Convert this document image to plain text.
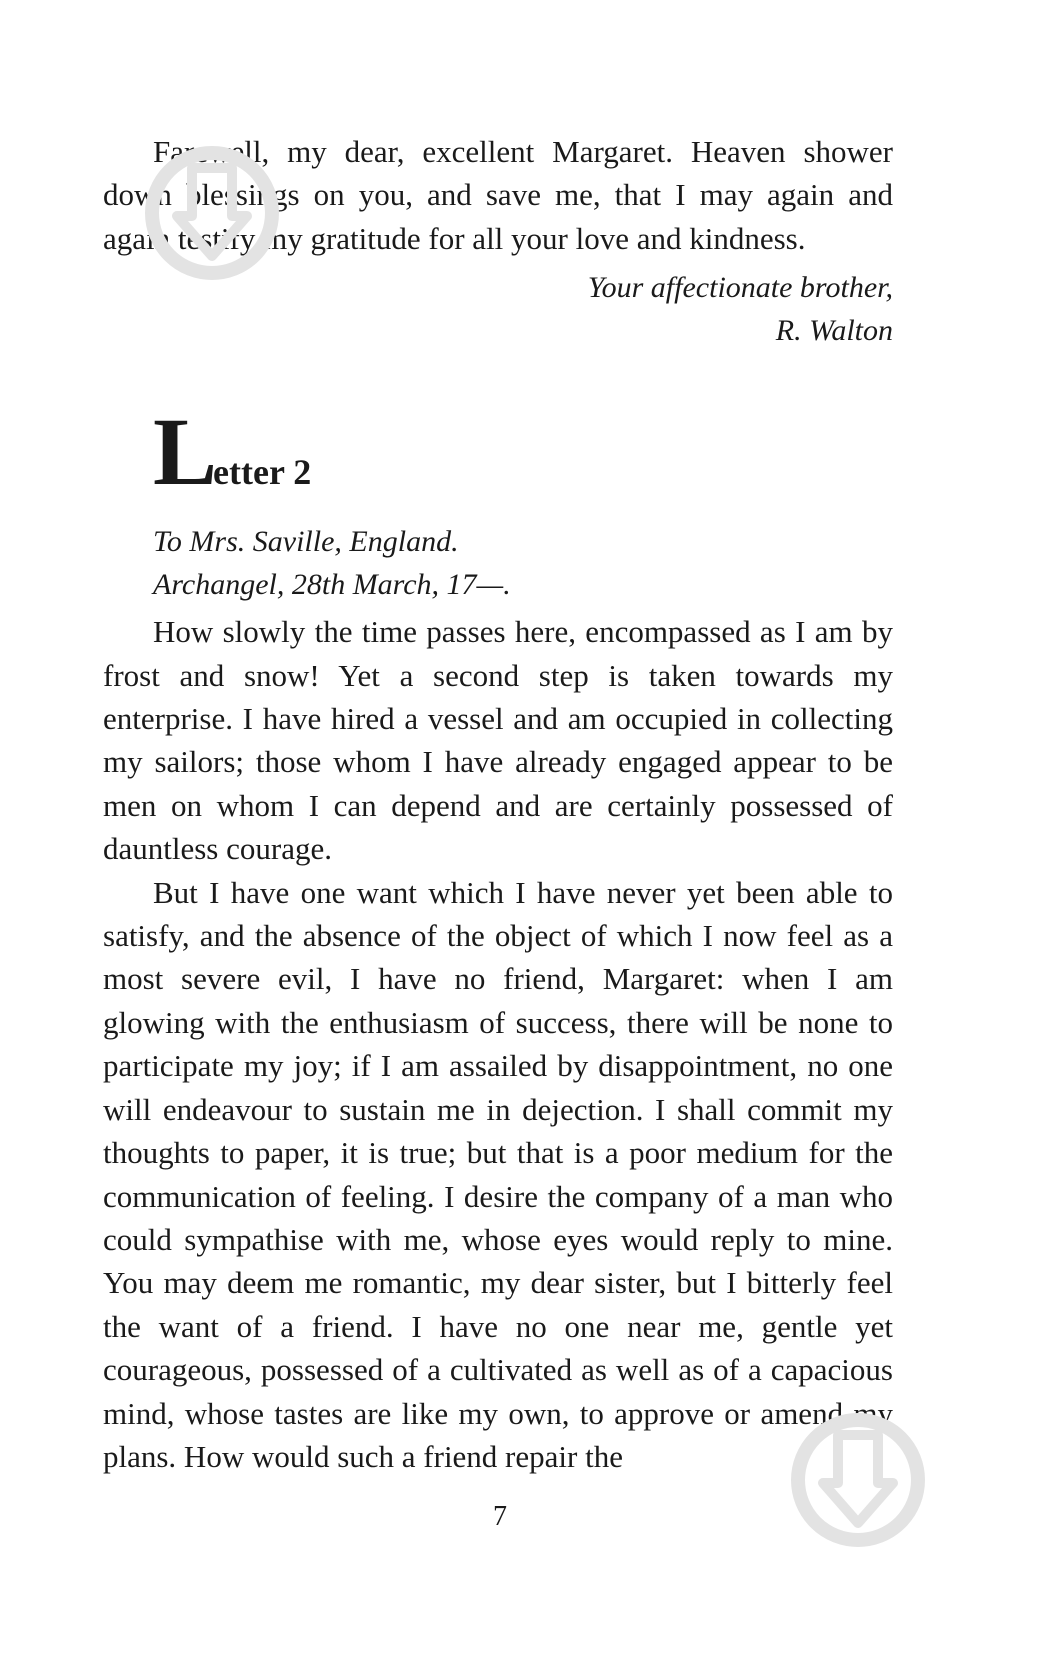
Farewell, my dear, excellent Margaret. Heaven shower down blessings on you, and save me, that I may again and again testify my gratitude for all your love and kindness.

Your affectionate brother,
R. Walton
L etter 2
To Mrs. Saville, England.
Archangel, 28th March, 17—.

How slowly the time passes here, encompassed as I am by frost and snow! Yet a second step is taken towards my enterprise. I have hired a vessel and am occupied in collecting my sailors; those whom I have already engaged appear to be men on whom I can depend and are certainly possessed of dauntless courage.

But I have one want which I have never yet been able to satisfy, and the absence of the object of which I now feel as a most severe evil, I have no friend, Margaret: when I am glowing with the enthusiasm of success, there will be none to participate my joy; if I am assailed by disappointment, no one will endeavour to sustain me in dejection. I shall commit my thoughts to paper, it is true; but that is a poor medium for the communication of feeling. I desire the company of a man who could sympathise with me, whose eyes would reply to mine. You may deem me romantic, my dear sister, but I bitterly feel the want of a friend. I have no one near me, gentle yet courageous, possessed of a cultivated as well as of a capacious mind, whose tastes are like my own, to approve or amend my plans. How would such a friend repair the

7
